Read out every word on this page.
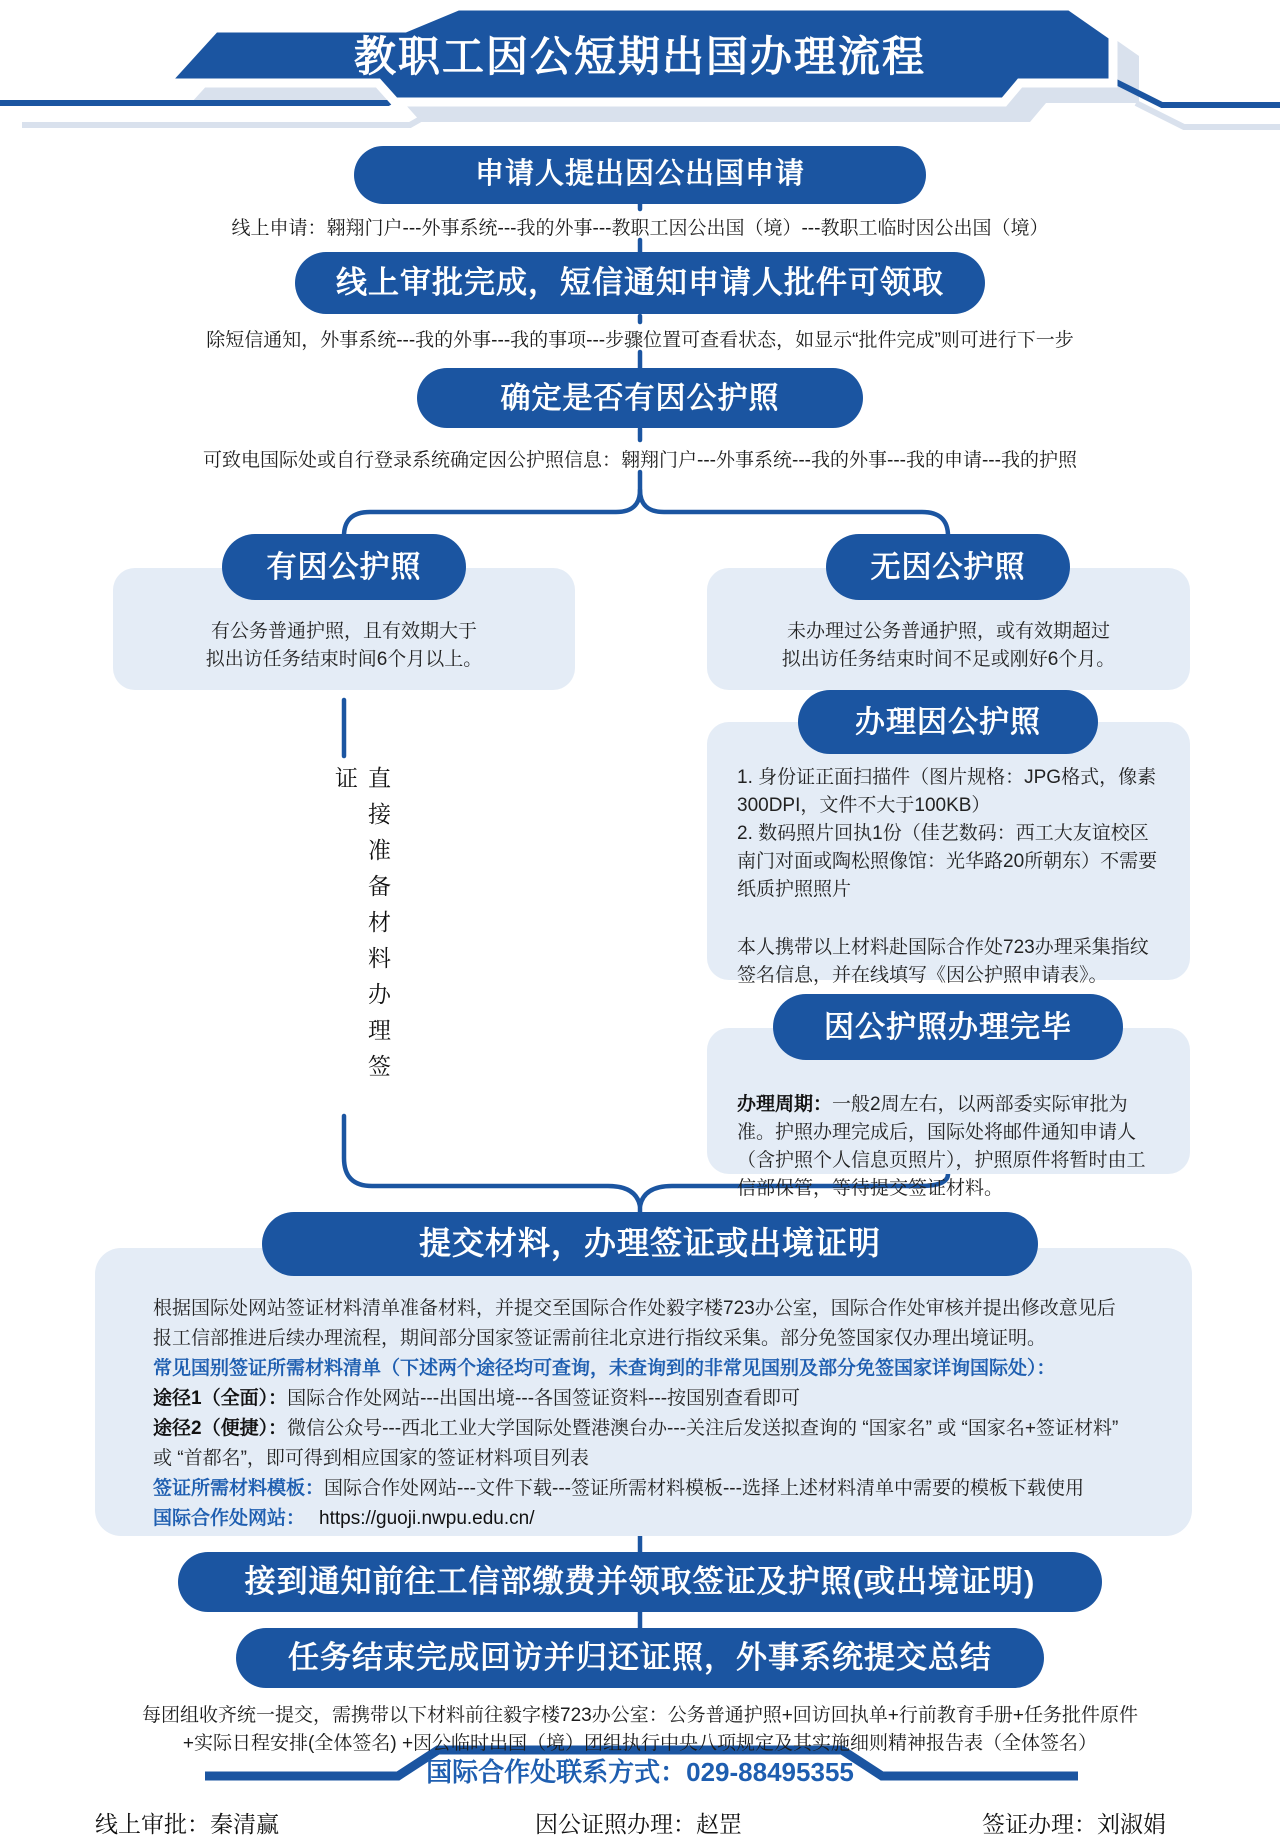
教职工因公短期出国办理流程
申请人提出因公出国申请
线上申请：翱翔门户---外事系统---我的外事---教职工因公出国（境）---教职工临时因公出国（境）
线上审批完成，短信通知申请人批件可领取
除短信通知，外事系统---我的外事---我的事项---步骤位置可查看状态，如显示“批件完成”则可进行下一步
确定是否有因公护照
可致电国际处或自行登录系统确定因公护照信息：翱翔门户---外事系统---我的外事---我的申请---我的护照
有公务普通护照，且有效期大于
拟出访任务结束时间6个月以上。
有因公护照
直接准备材料办理签证
未办理过公务普通护照，或有效期超过
拟出访任务结束时间不足或刚好6个月。
无因公护照

1. 身份证正面扫描件（图片规格：JPG格式，像素300DPI，文件不大于100KB）

2. 数码照片回执1份（佳艺数码：西工大友谊校区南门对面或陶松照像馆：光华路20所朝东）不需要纸质护照照片

本人携带以上材料赴国际合作处723办理采集指纹签名信息，并在线填写《因公护照申请表》。

办理因公护照

办理周期：一般2周左右，以两部委实际审批为准。护照办理完成后，国际处将邮件通知申请人（含护照个人信息页照片），护照原件将暂时由工信部保管，等待提交签证材料。

因公护照办理完毕

根据国际处网站签证材料清单准备材料，并提交至国际合作处毅字楼723办公室，国际合作处审核并提出修改意见后报工信部推进后续办理流程，期间部分国家签证需前往北京进行指纹采集。部分免签国家仅办理出境证明。

常见国别签证所需材料清单（下述两个途径均可查询，未查询到的非常见国别及部分免签国家详询国际处）：

途径1（全面）：国际合作处网站---出国出境---各国签证资料---按国别查看即可

途径2（便捷）：微信公众号---西北工业大学国际处暨港澳台办---关注后发送拟查询的 “国家名” 或 “国家名+签证材料” 或 “首都名”，即可得到相应国家的签证材料项目列表

签证所需材料模板：国际合作处网站---文件下载---签证所需材料模板---选择上述材料清单中需要的模板下载使用

国际合作处网站： https://guoji.nwpu.edu.cn/

提交材料，办理签证或出境证明
接到通知前往工信部缴费并领取签证及护照(或出境证明)
任务结束完成回访并归还证照，外事系统提交总结
每团组收齐统一提交，需携带以下材料前往毅字楼723办公室：公务普通护照+回访回执单+行前教育手册+任务批件原件
+实际日程安排(全体签名) +因公临时出国（境）团组执行中央八项规定及其实施细则精神报告表（全体签名）
国际合作处联系方式：029-88495355
线上审批：秦清赢	因公证照办理：赵罡	签证办理：刘淑娟
